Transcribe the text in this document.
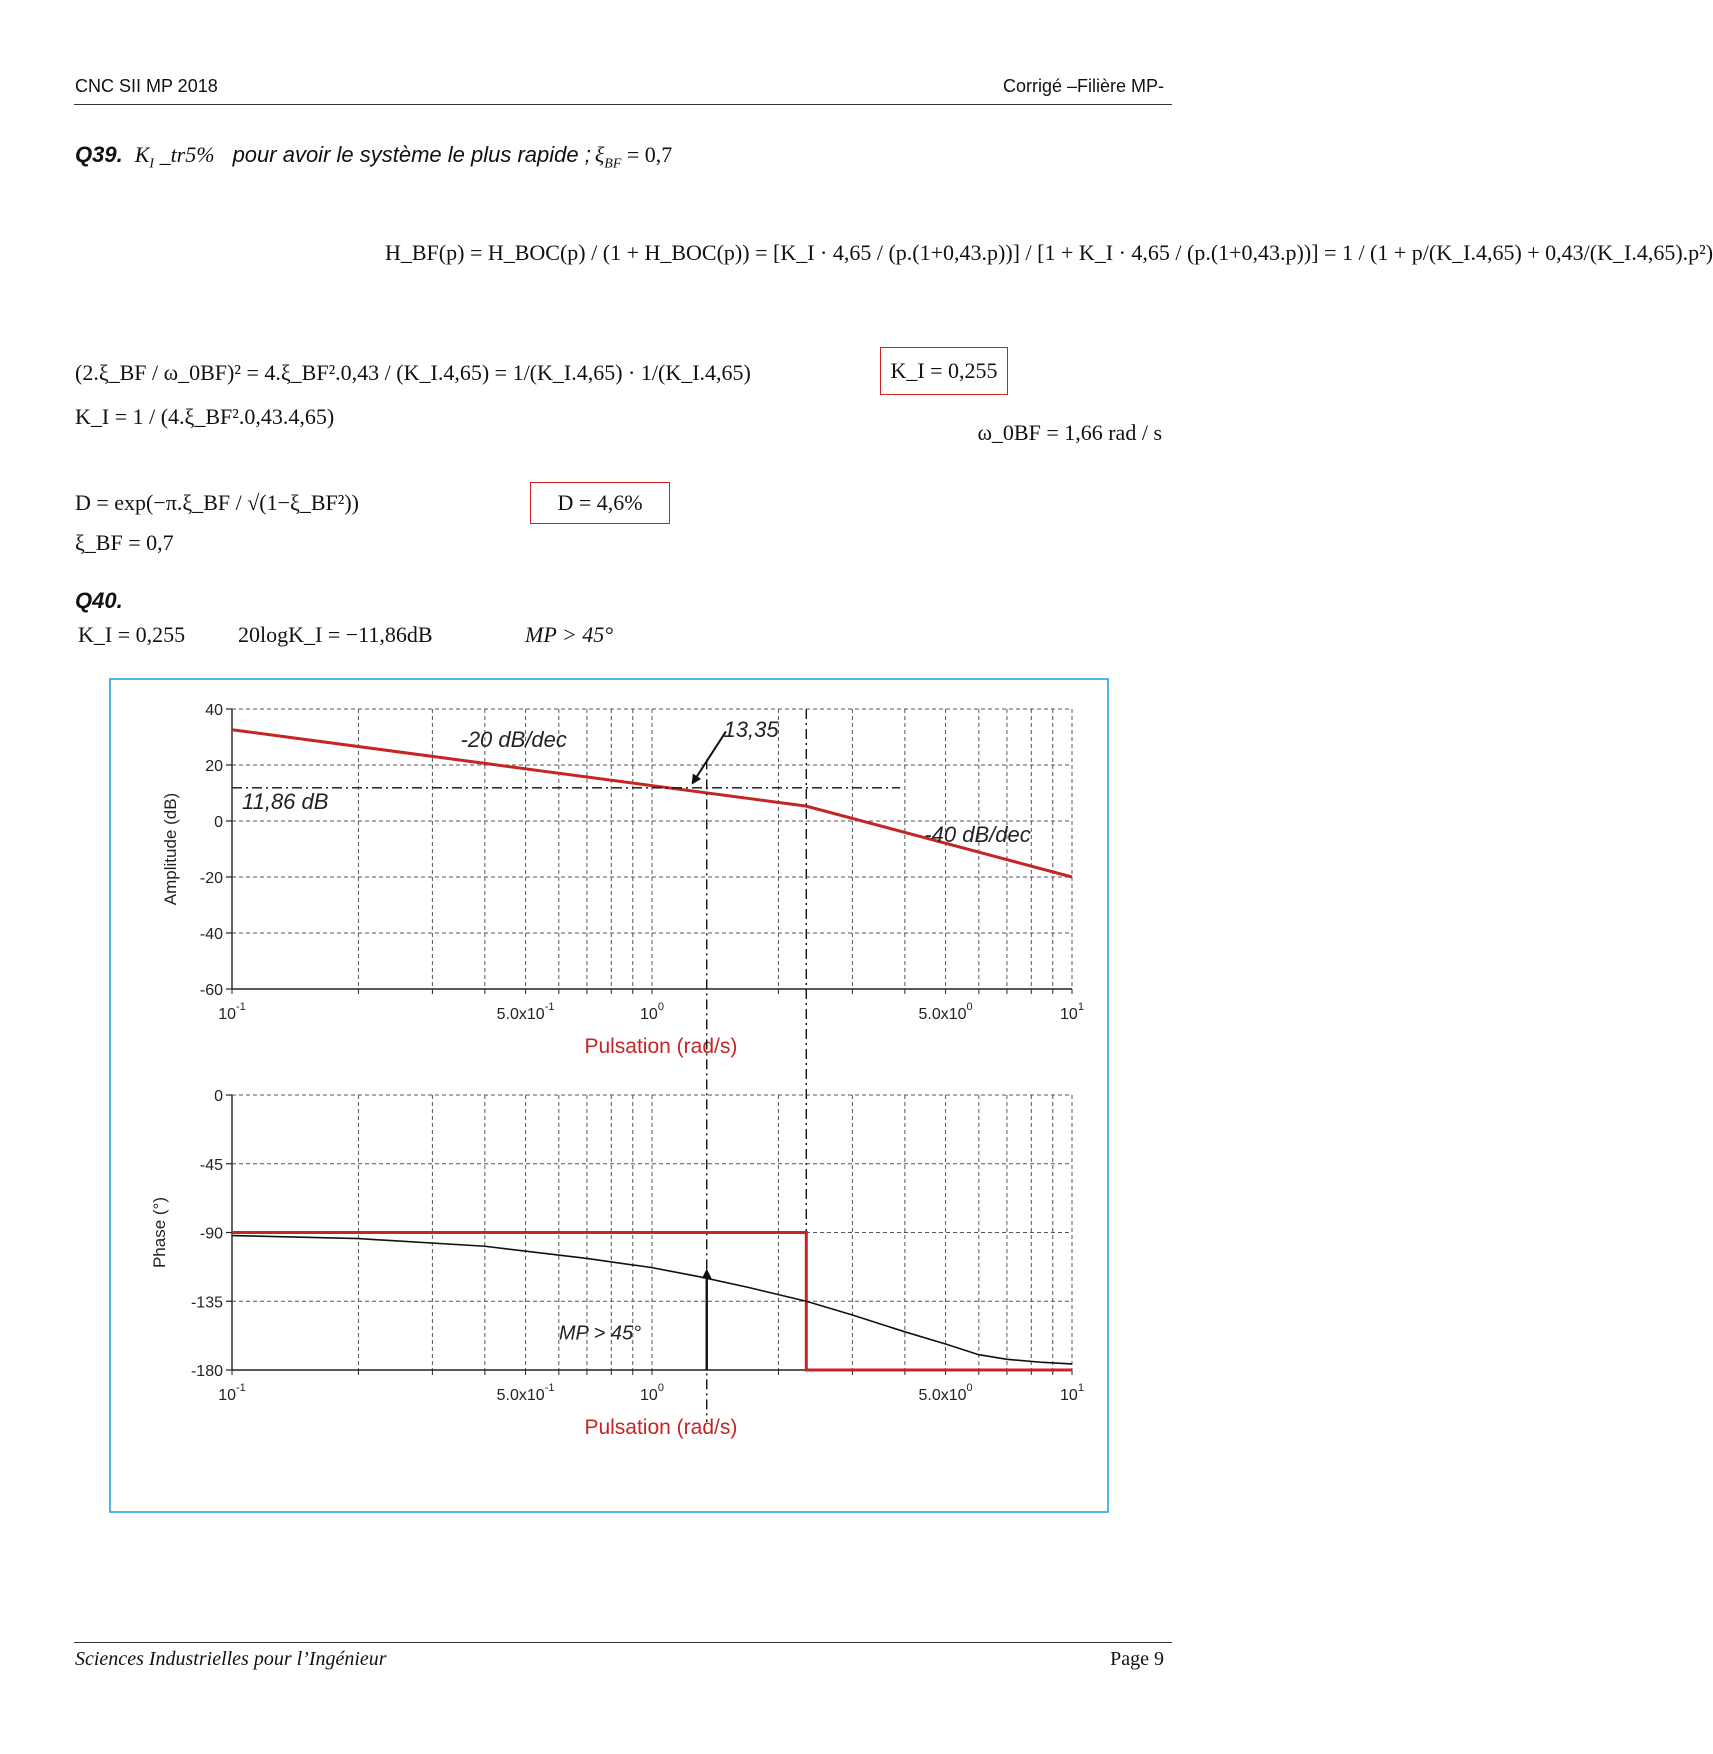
CNC SII MP 2018	Corrigé –Filière MP-
Q39. $K_I$ _tr5% pour avoir le système le plus rapide ; $\xi_{BF} = 0,7$
H_BF(p) = H_BOC(p) / (1 + H_BOC(p)) = [K_I · 4,65 / (p.(1+0,43.p))] / [1 + K_I · 4,65 / (p.(1+0,43.p))] = 1 / (1 + p/(K_I.4,65) + 0,43/(K_I.4,65).p²)
(2.ξ_BF / ω_0BF)² = 4.ξ_BF².0,43 / (K_I.4,65) = 1/(K_I.4,65) · 1/(K_I.4,65)
K_I = 1 / (4.ξ_BF².0,43.4,65)
K_I = 0,255
ω_0BF = 1,66 rad / s
D = exp(−π.ξ_BF / √(1−ξ_BF²))
ξ_BF = 0,7
D = 4,6%
Q40.
K_I = 0,255 20logK_I = −11,86dB	MP > 45°
40
20
0
-20
-40
-60
$10^{-1}$	$5.0x10^{-1}$	$10^0$	$5.0x10^0$	$10^1$
Amplitude (dB)
Pulsation (rad/s)
0
-45
-90
-135
-180
$10^{-1}$	$5.0x10^{-1}$	$10^0$	$5.0x10^0$	$10^1$
Phase (°)
Pulsation (rad/s)
-20 dB/dec	13,35
11,86 dB
-40 dB/dec
MP > 45°
Sciences Industrielles pour l’Ingénieur	Page 9
